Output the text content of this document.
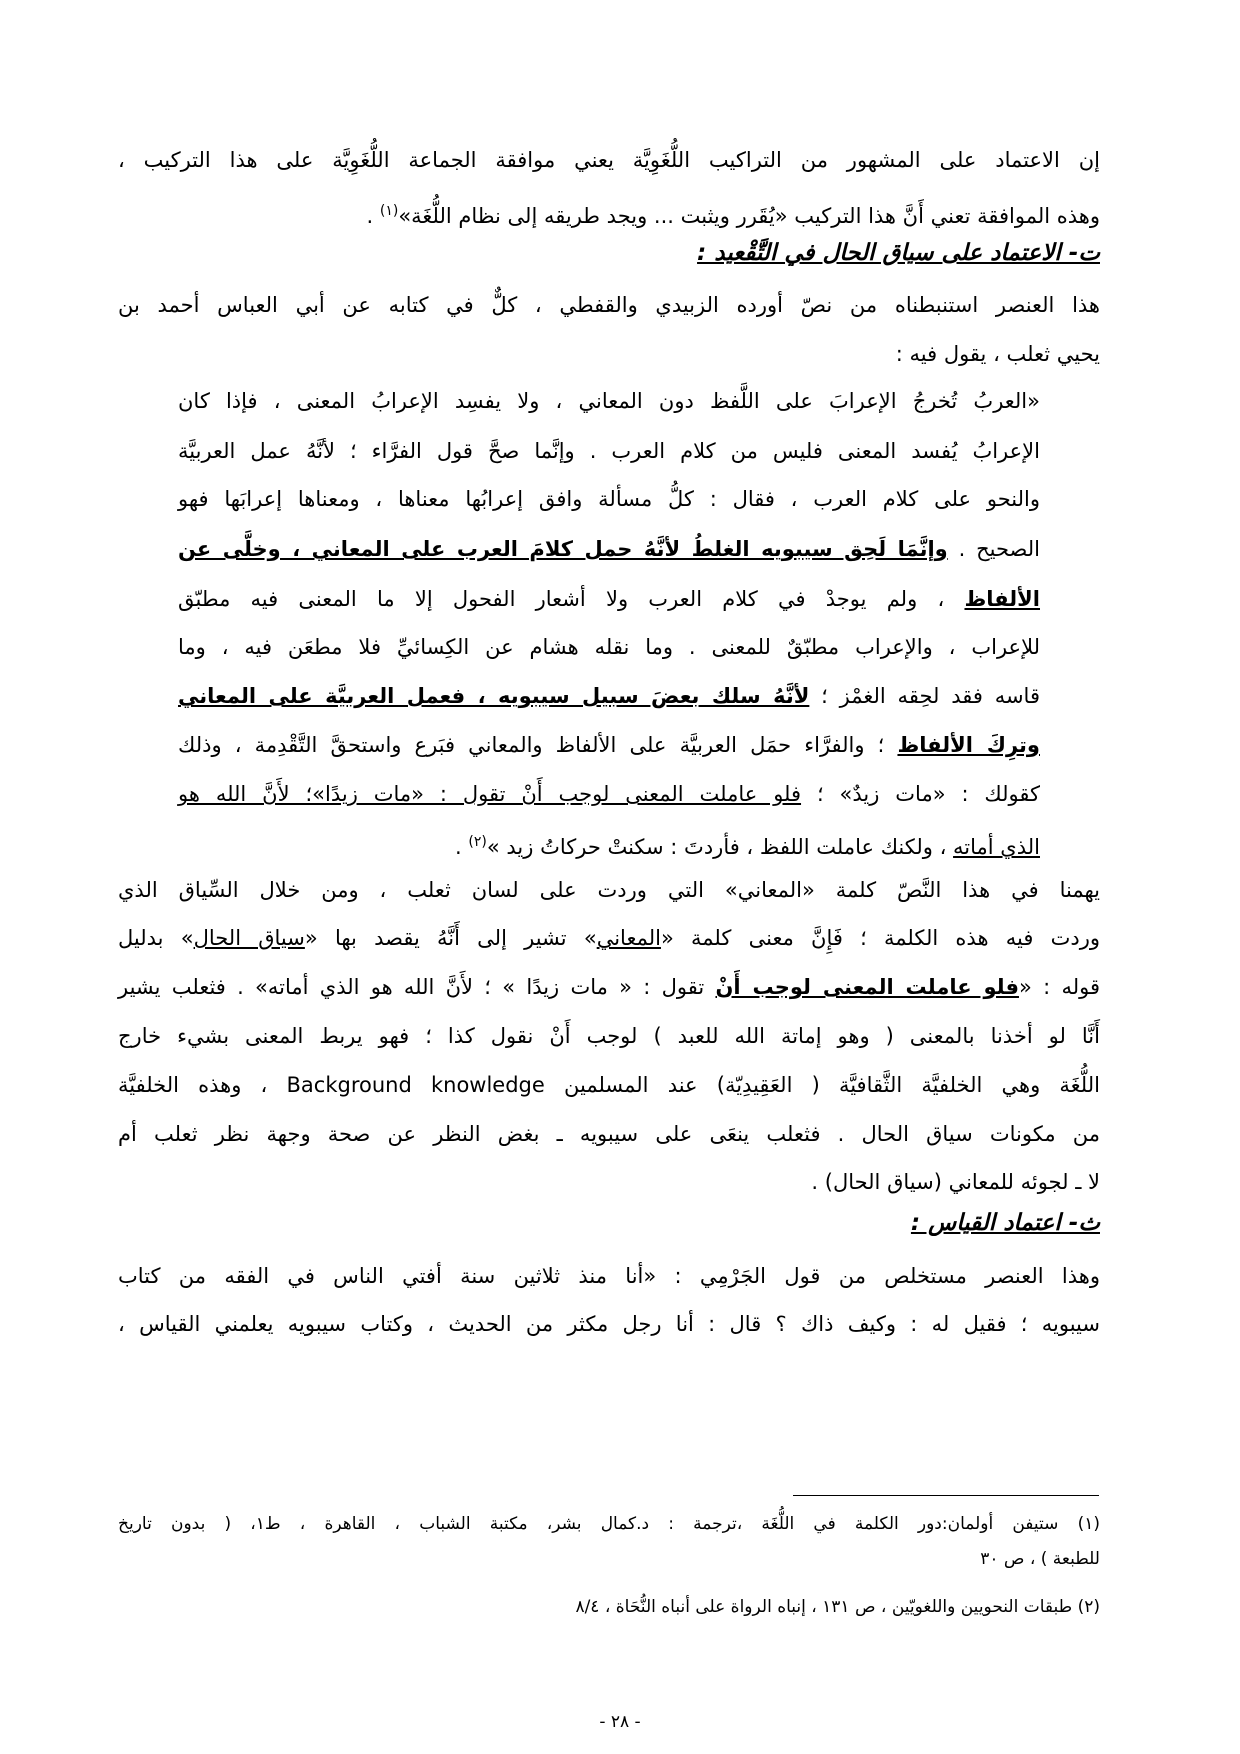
إن الاعتماد على المشهور من التراكيب اللُّغَوِيَّة يعني موافقة الجماعة اللُّغَوِيَّة على هذا التركيب ،
وهذه الموافقة تعني أَنَّ هذا التركيب «يُقَرر ويثبت ... ويجد طريقه إلى نظام اللُّغَة»$^{(١)}$ .
ت- الاعتماد على سياق الحال في التَّقْعيد :
هذا العنصر استنبطناه من نصّ أورده الزبيدي والقفطي ، كلٌّ في كتابه عن أبي العباس أحمد بن
يحيي ثعلب ، يقول فيه :
«العربُ تُخرجُ الإعرابَ على اللَّفظ دون المعاني ، ولا يفسِد الإعرابُ المعنى ، فإذا كان
الإعرابُ يُفسد المعنى فليس من كلام العرب . وإنَّما صحَّ قول الفرَّاء ؛ لأنَّهُ عمل العربيَّة
والنحو على كلام العرب ، فقال : كلُّ مسألة وافق إعرابُها معناها ، ومعناها إعرابَها فهو
الصحيح . وإنَّمَا لَحِق سيبويه الغلطُ لأنَّهُ حمل كلامَ العرب على المعاني ، وخلَّى عن
الألفاظ ، ولم يوجدْ في كلام العرب ولا أشعار الفحول إلا ما المعنى فيه مطبّق
للإعراب ، والإعراب مطبّقٌ للمعنى . وما نقله هشام عن الكِسائيِّ فلا مطعَن فيه ، وما
قاسه فقد لحِقه الغمْز ؛ لأنَّهُ سلك بعضَ سبيل سيبويه ، فعمل العربيَّة على المعاني
وترِكَ الألفاظ ؛ والفرَّاء حمَل العربيَّة على الألفاظ والمعاني فبَرع واستحقَّ التَّقْدِمة ، وذلك
كقولك : «مات زيدٌ» ؛ فلو عاملت المعنى لوجب أَنْ تقول : «مات زيدًا»؛ لأَنَّ الله هو
الذي أماته ، ولكنك عاملت اللفظ ، فأردتَ : سكنتْ حركاتُ زيد »$^{(٢)}$ .
يهمنا في هذا النَّصّ كلمة «المعاني» التي وردت على لسان ثعلب ، ومن خلال السِّياق الذي
وردت فيه هذه الكلمة ؛ فَإِنَّ معنى كلمة «المعاني» تشير إلى أَنَّهُ يقصد بها «سياق الحال» بدليل
قوله : «فلو عاملت المعنى لوجب أَنْ تقول : « مات زيدًا » ؛ لأَنَّ الله هو الذي أماته» . فثعلب يشير
أَنَّا لو أخذنا بالمعنى ( وهو إماتة الله للعبد ) لوجب أَنْ نقول كذا ؛ فهو يربط المعنى بشيء خارج
اللُّغَة وهي الخلفيَّة الثَّقافيَّة ( العَقِيدِيّة) عند المسلمين Background knowledge ، وهذه الخلفيَّة
من مكونات سياق الحال . فثعلب ينعَى على سيبويه ـ بغض النظر عن صحة وجهة نظر ثعلب أم
لا ـ لجوئه للمعاني (سياق الحال) .
ث- اعتماد القياس :
وهذا العنصر مستخلص من قول الجَرْمِي : «أنا منذ ثلاثين سنة أفتي الناس في الفقه من كتاب
سيبويه ؛ فقيل له : وكيف ذاك ؟ قال : أنا رجل مكثر من الحديث ، وكتاب سيبويه يعلمني القياس ،
(١) ستيفن أولمان:دور الكلمة في اللُّغَة ،ترجمة : د.كمال بشر، مكتبة الشباب ، القاهرة ، ط١، ( بدون تاريخ
للطبعة ) ، ص ٣٠
(٢) طبقات النحويين واللغويّين ، ص ١٣١ ، إنباه الرواة على أنباه النُّحَاة ، ٨/٤
- ٢٨ -
